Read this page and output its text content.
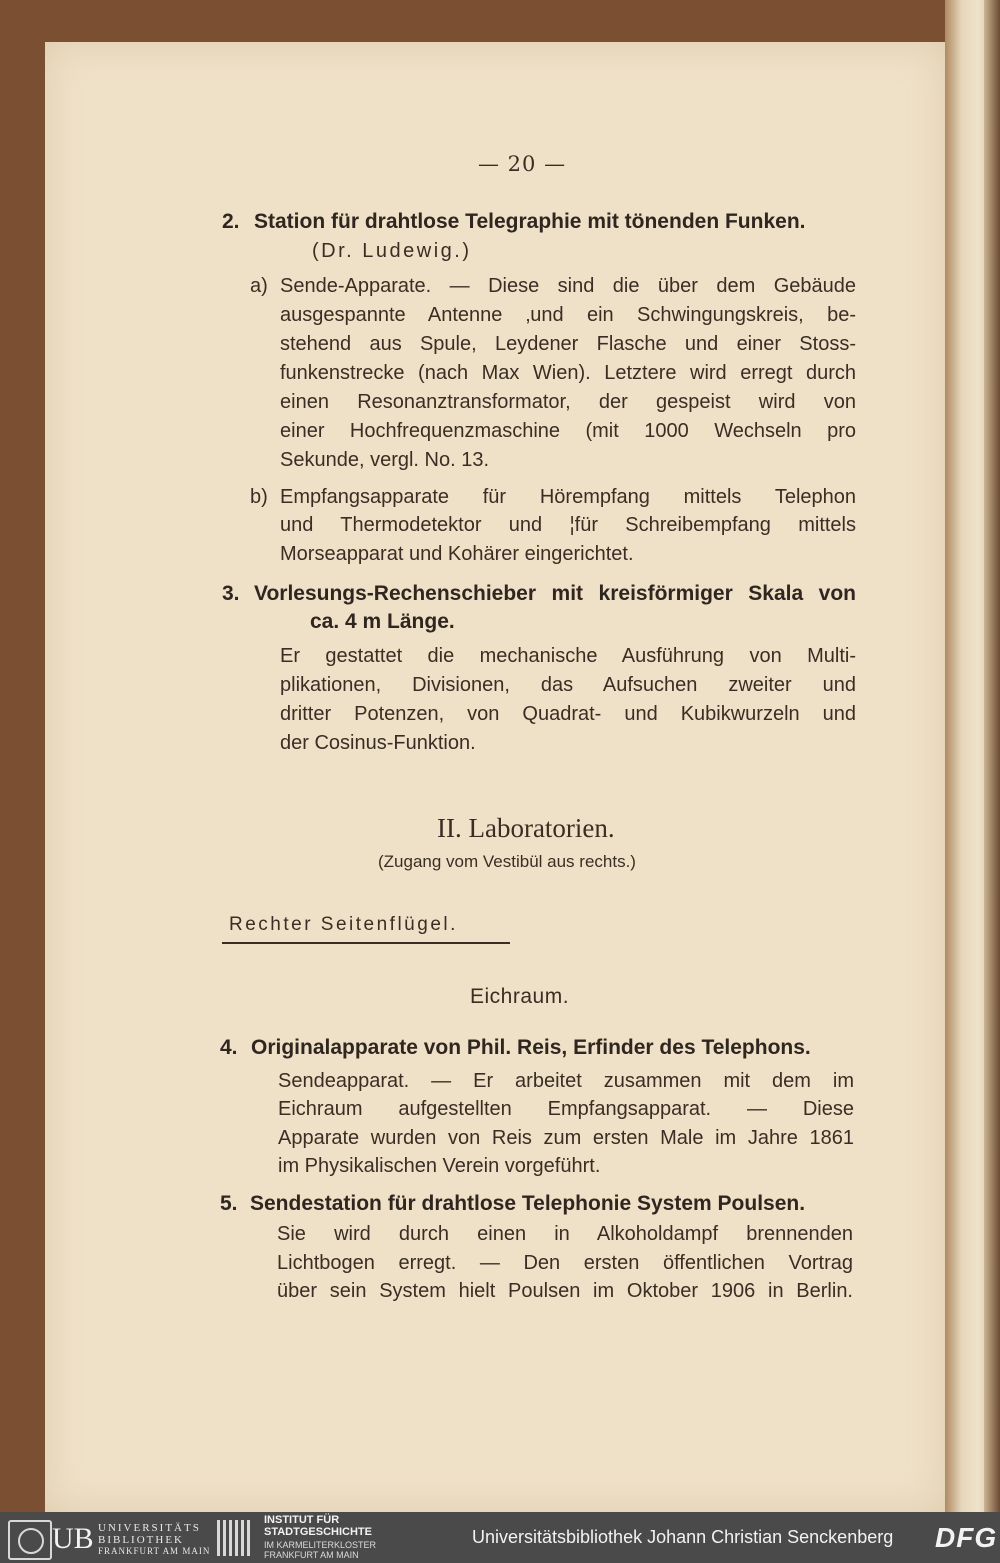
— 20 —
2. Station für drahtlose Telegraphie mit tönenden Funken.
(Dr. Ludewig.)
a) Sende-Apparate. — Diese sind die über dem Gebäude
ausgespannte Antenne ‚und ein Schwingungskreis, be-
stehend aus Spule, Leydener Flasche und einer Stoss-
funkenstrecke (nach Max Wien). Letztere wird erregt durch
einen Resonanztransformator, der gespeist wird von
einer Hochfrequenzmaschine (mit 1000 Wechseln pro
Sekunde, vergl. No. 13.
b) Empfangsapparate für Hörempfang mittels Telephon
und Thermodetektor und ¦für Schreibempfang mittels
Morseapparat und Kohärer eingerichtet.
3. Vorlesungs-Rechenschieber mit kreisförmiger Skala von
ca. 4 m Länge.
Er gestattet die mechanische Ausführung von Multi-
plikationen, Divisionen, das Aufsuchen zweiter und
dritter Potenzen, von Quadrat- und Kubikwurzeln und
der Cosinus-Funktion.
II. Laboratorien.
(Zugang vom Vestibül aus rechts.)
Rechter Seitenflügel.
Eichraum.
4. Originalapparate von Phil. Reis, Erfinder des Telephons.
Sendeapparat. — Er arbeitet zusammen mit dem im
Eichraum aufgestellten Empfangsapparat. — Diese
Apparate wurden von Reis zum ersten Male im Jahre 1861
im Physikalischen Verein vorgeführt.
5. Sendestation für drahtlose Telephonie System Poulsen.
Sie wird durch einen in Alkoholdampf brennenden
Lichtbogen erregt. — Den ersten öffentlichen Vortrag
über sein System hielt Poulsen im Oktober 1906 in Berlin.
UB UNIVERSITÄTS
BIBLIOTHEK
FRANKFURT AM MAIN
INSTITUT FÜR
STADTGESCHICHTE
IM KARMELITERKLOSTER
FRANKFURT AM MAIN
Universitätsbibliothek Johann Christian Senckenberg DFG
